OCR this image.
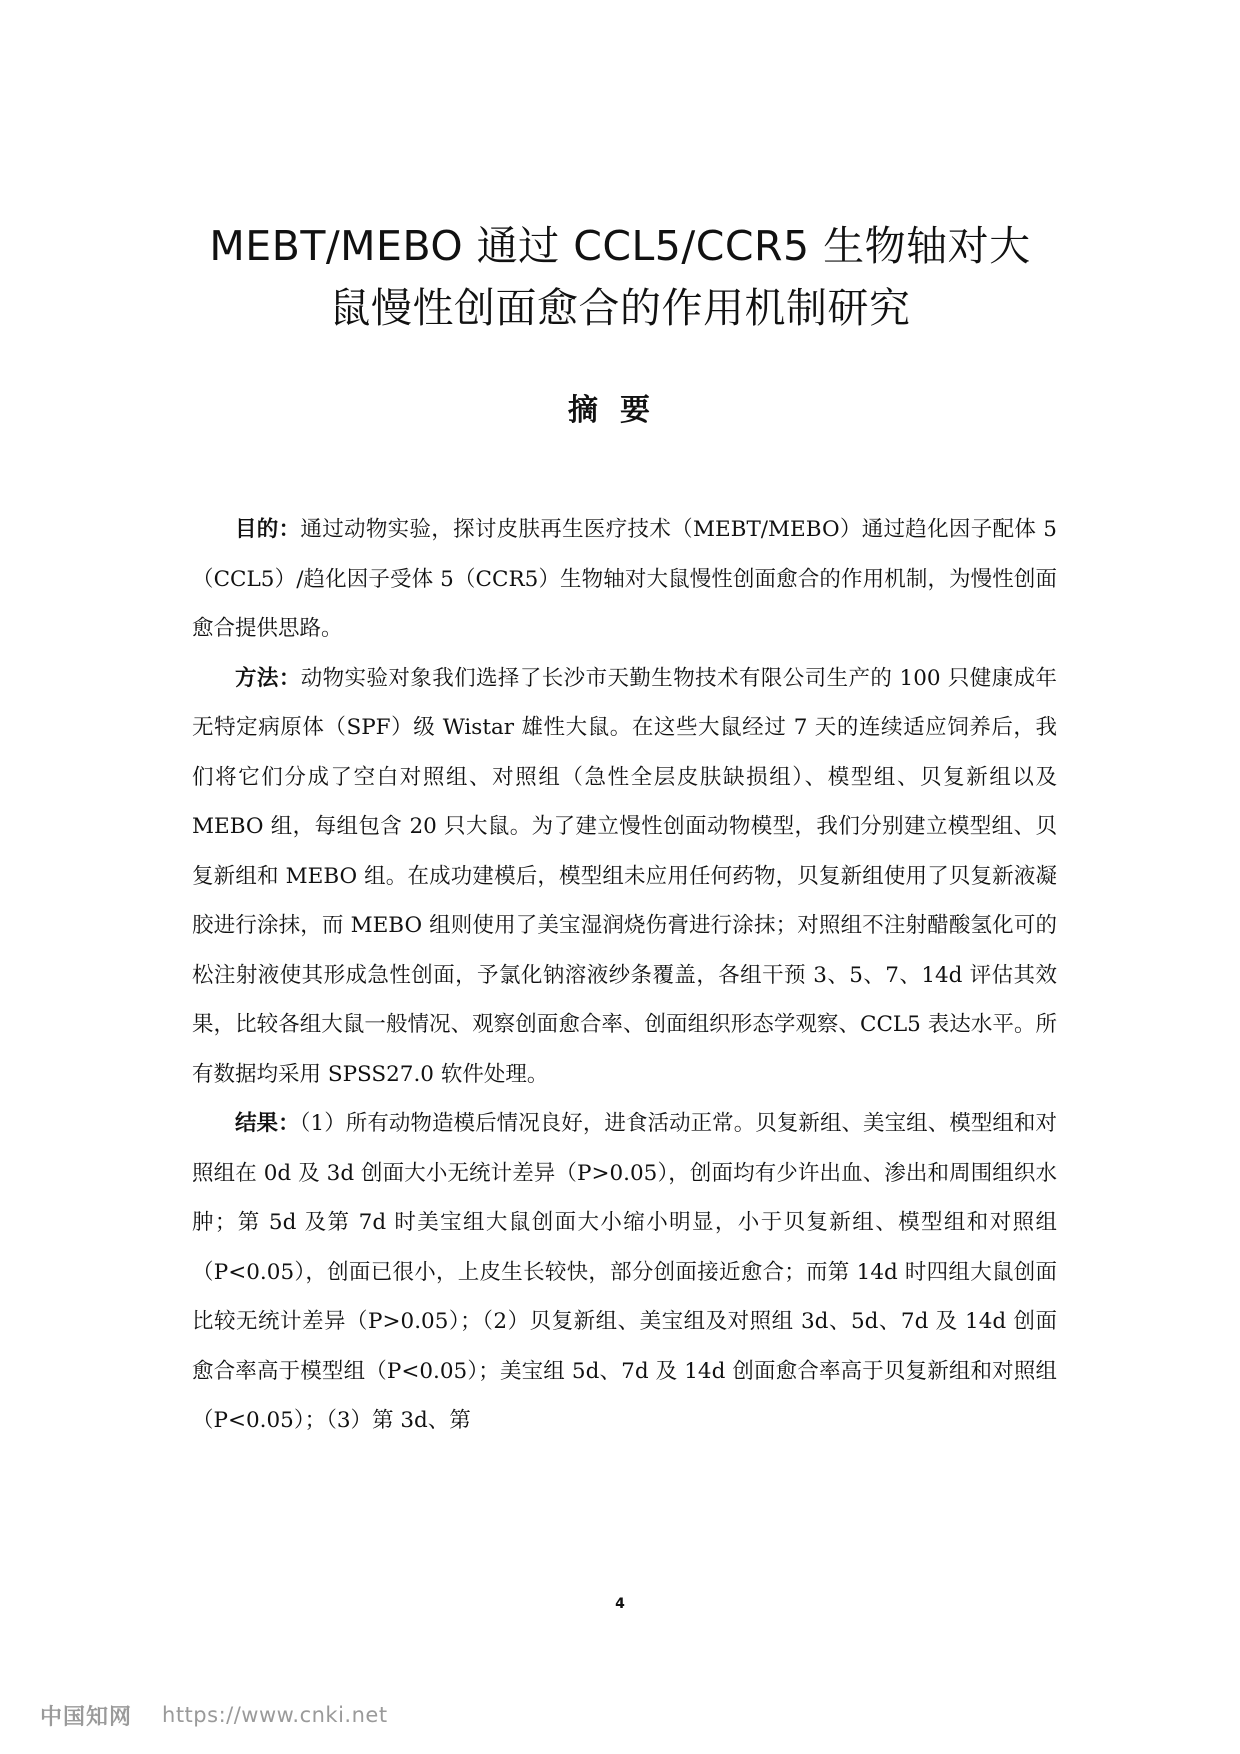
MEBT/MEBO 通过 CCL5/CCR5 生物轴对大
鼠慢性创面愈合的作用机制研究
摘要

目的：通过动物实验，探讨皮肤再生医疗技术（MEBT/MEBO）通过趋化因子配体 5（CCL5）/趋化因子受体 5（CCR5）生物轴对大鼠慢性创面愈合的作用机制，为慢性创面愈合提供思路。

方法：动物实验对象我们选择了长沙市天勤生物技术有限公司生产的 100 只健康成年无特定病原体（SPF）级 Wistar 雄性大鼠。在这些大鼠经过 7 天的连续适应饲养后，我们将它们分成了空白对照组、对照组（急性全层皮肤缺损组）、模型组、贝复新组以及 MEBO 组，每组包含 20 只大鼠。为了建立慢性创面动物模型，我们分别建立模型组、贝复新组和 MEBO 组。在成功建模后，模型组未应用任何药物，贝复新组使用了贝复新液凝胶进行涂抹，而 MEBO 组则使用了美宝湿润烧伤膏进行涂抹；对照组不注射醋酸氢化可的松注射液使其形成急性创面，予氯化钠溶液纱条覆盖，各组干预 3、5、7、14d 评估其效果，比较各组大鼠一般情况、观察创面愈合率、创面组织形态学观察、CCL5 表达水平。所有数据均采用 SPSS27.0 软件处理。

结果：（1）所有动物造模后情况良好，进食活动正常。贝复新组、美宝组、模型组和对照组在 0d 及 3d 创面大小无统计差异（P>0.05），创面均有少许出血、渗出和周围组织水肿；第 5d 及第 7d 时美宝组大鼠创面大小缩小明显，小于贝复新组、模型组和对照组（P<0.05），创面已很小，上皮生长较快，部分创面接近愈合；而第 14d 时四组大鼠创面比较无统计差异（P>0.05）；（2）贝复新组、美宝组及对照组 3d、5d、7d 及 14d 创面愈合率高于模型组（P<0.05）；美宝组 5d、7d 及 14d 创面愈合率高于贝复新组和对照组（P<0.05）；（3）第 3d、第

4
中国知网 https://www.cnki.net
